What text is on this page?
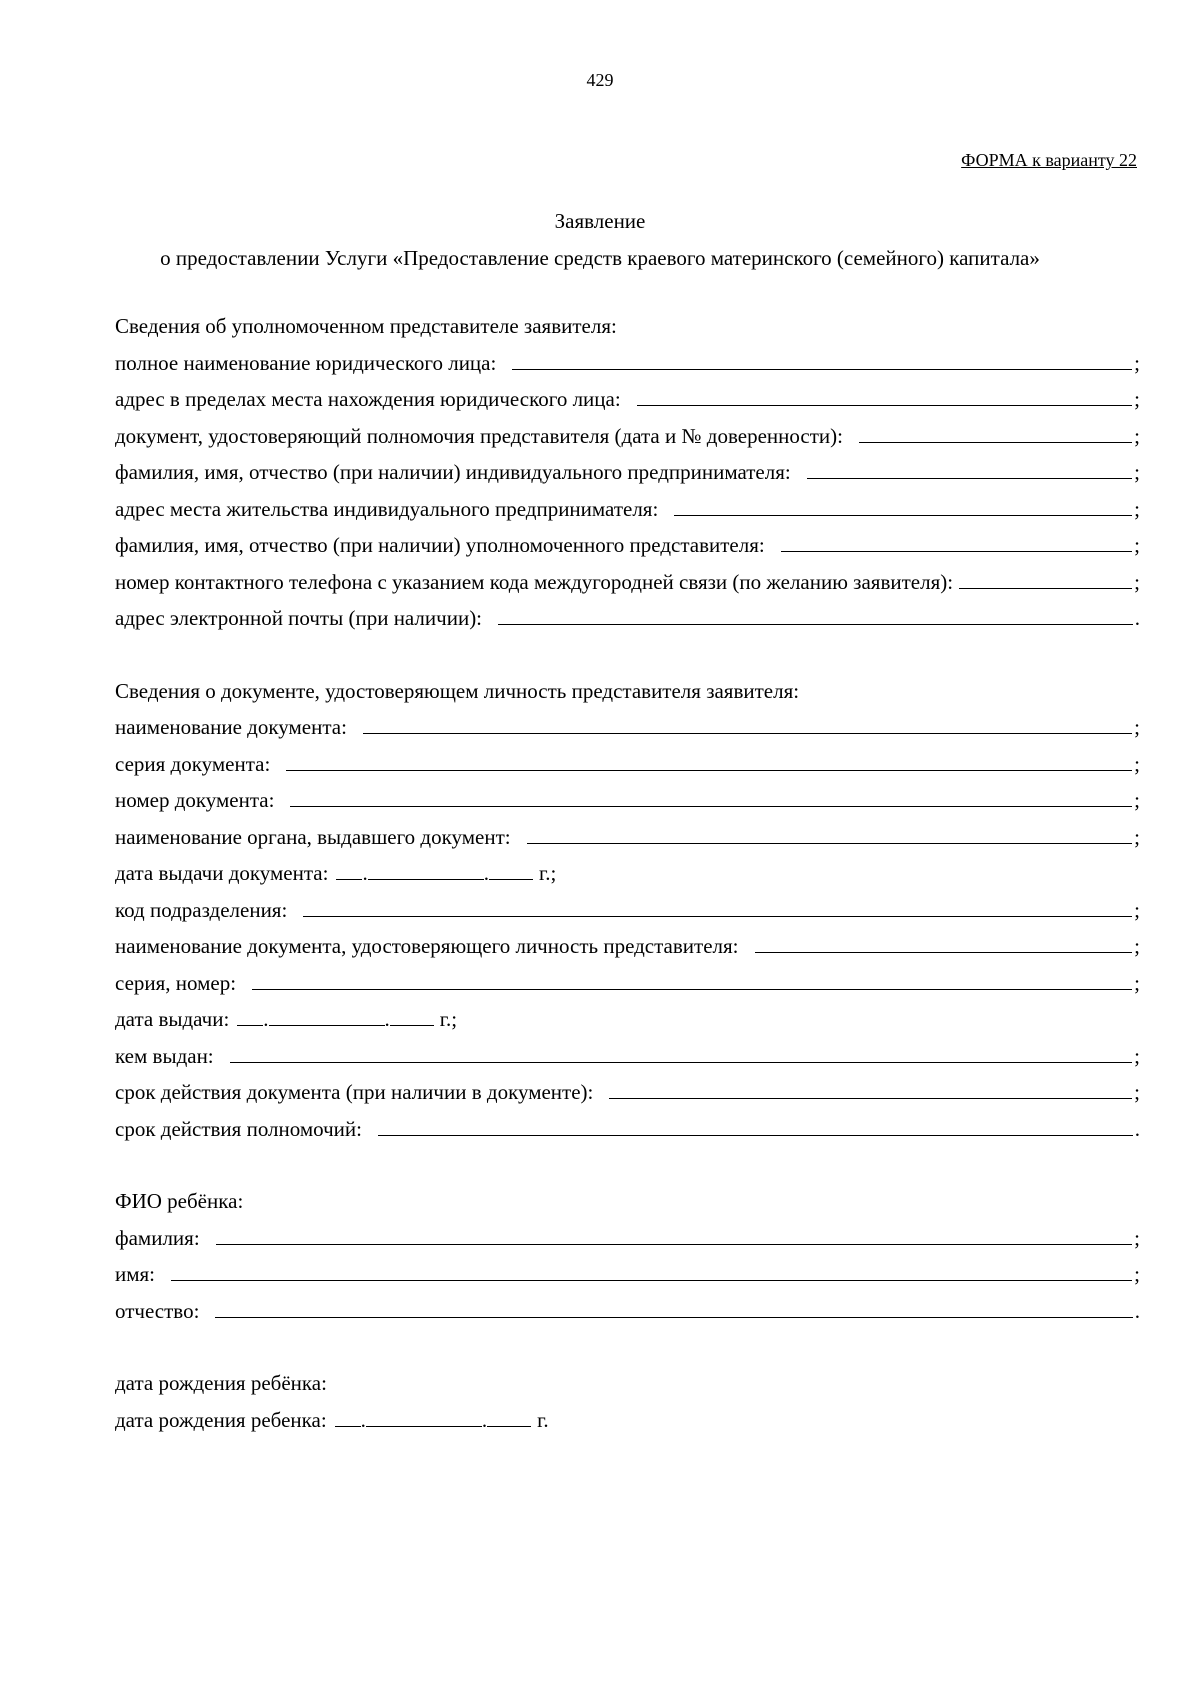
429
ФОРМА к варианту 22
Заявление
о предоставлении Услуги «Предоставление средств краевого материнского (семейного) капитала»
Сведения об уполномоченном представителе заявителя:
полное наименование юридического лица:	;
адрес в пределах места нахождения юридического лица:	;
документ, удостоверяющий полномочия представителя (дата и № доверенности):	;
фамилия, имя, отчество (при наличии) индивидуального предпринимателя:	;
адрес места жительства индивидуального предпринимателя:	;
фамилия, имя, отчество (при наличии) уполномоченного представителя:	;
номер контактного телефона с указанием кода междугородней связи (по желанию заявителя):	;
адрес электронной почты (при наличии):	.
Сведения о документе, удостоверяющем личность представителя заявителя:
наименование документа:	;
серия документа:	;
номер документа:	;
наименование органа, выдавшего документ:	;
дата выдачи документа: .	. г.;
код подразделения:	;
наименование документа, удостоверяющего личность представителя:	;
серия, номер:	;
дата выдачи: .	. г.;
кем выдан:	;
срок действия документа (при наличии в документе):	;
срок действия полномочий:	.
ФИО ребёнка:
фамилия:	;
имя:	;
отчество:	.
дата рождения ребёнка:
дата рождения ребенка: .	. г.
